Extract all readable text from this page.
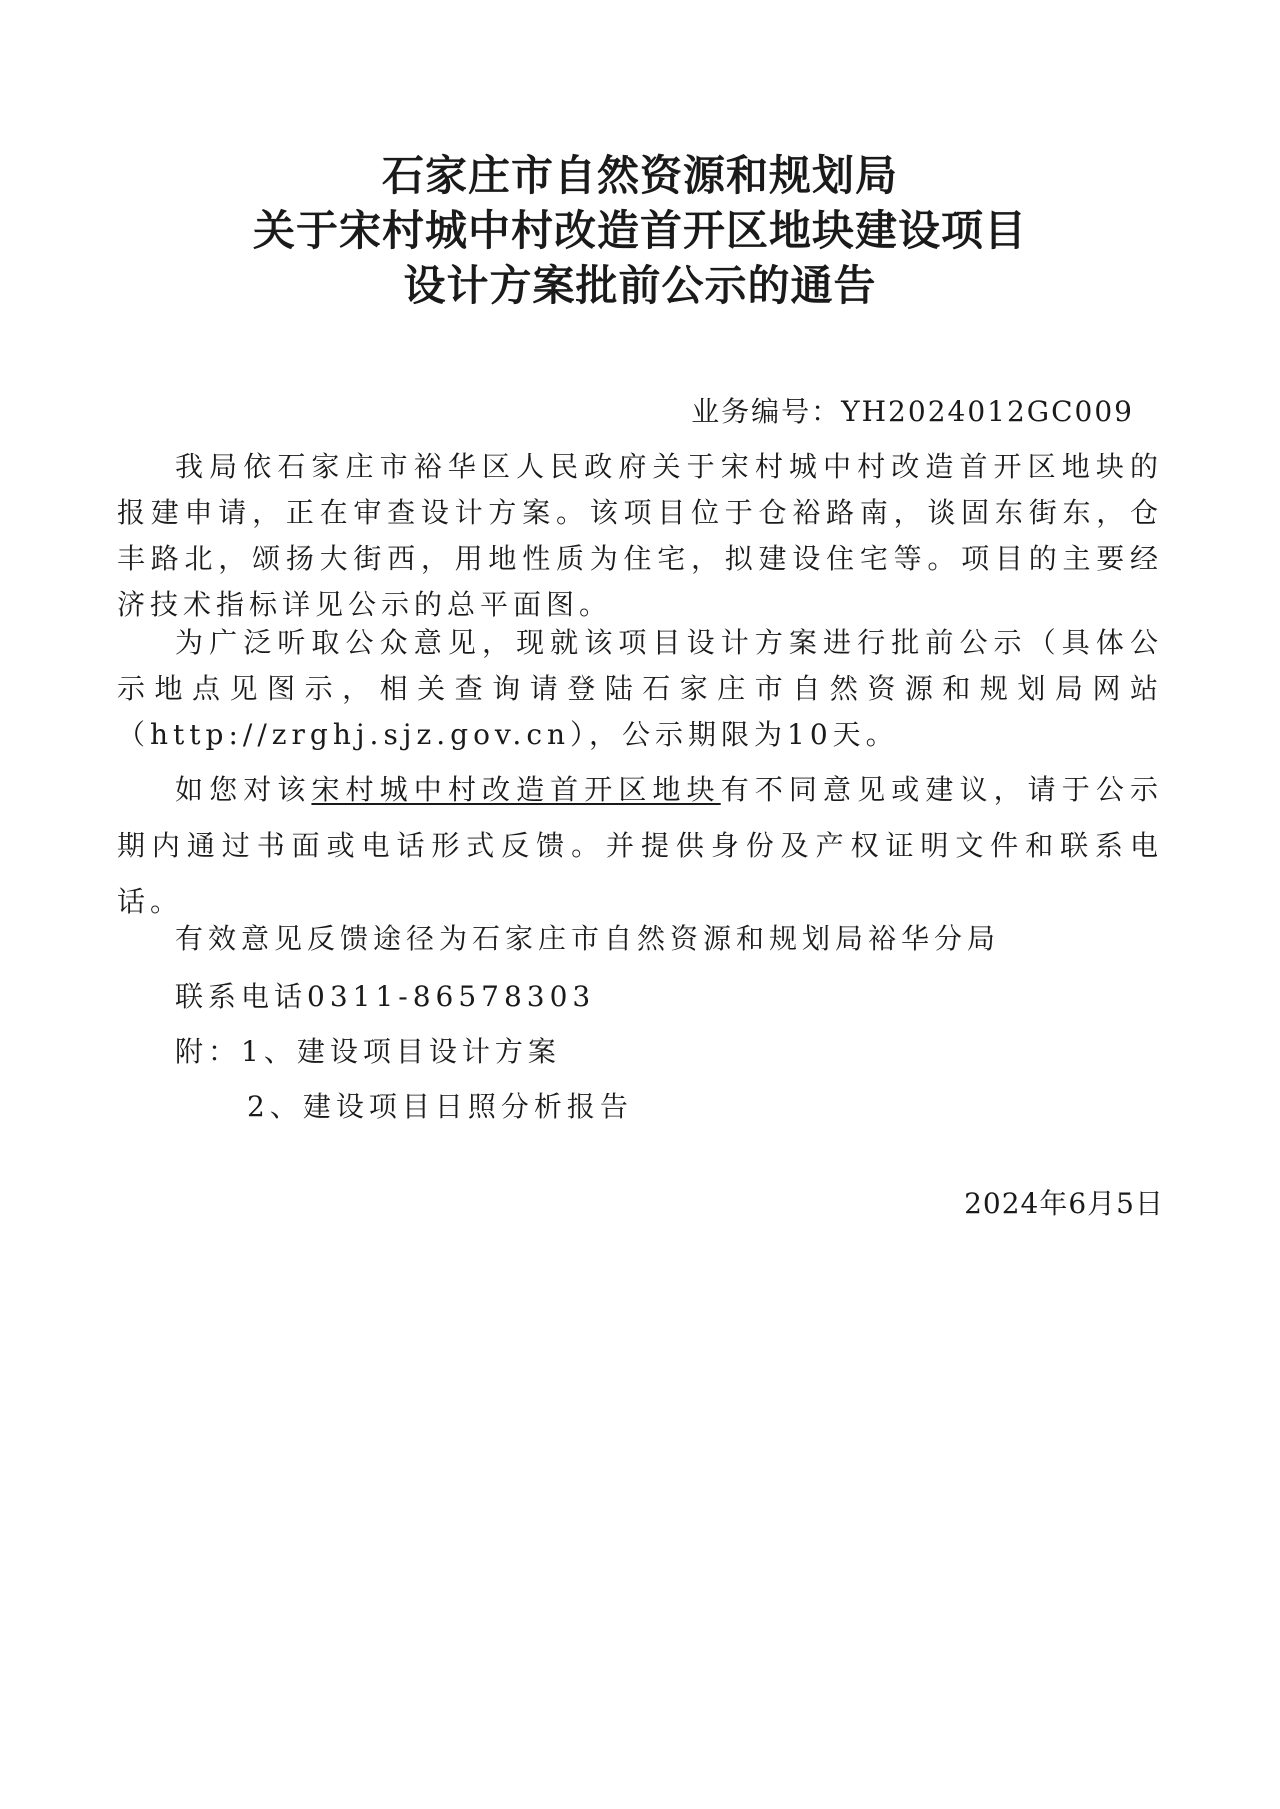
石家庄市自然资源和规划局
关于宋村城中村改造首开区地块建设项目
设计方案批前公示的通告
业务编号：YH2024012GC009

我局依石家庄市裕华区人民政府关于宋村城中村改造首开区地块的报建申请，正在审查设计方案。该项目位于仓裕路南，谈固东街东，仓丰路北，颂扬大街西，用地性质为住宅，拟建设住宅等。项目的主要经济技术指标详见公示的总平面图。

为广泛听取公众意见，现就该项目设计方案进行批前公示（具体公示地点见图示，相关查询请登陆石家庄市自然资源和规划局网站（http://zrghj.sjz.gov.cn），公示期限为10天。

如您对该宋村城中村改造首开区地块有不同意见或建议，请于公示期内通过书面或电话形式反馈。并提供身份及产权证明文件和联系电话。

有效意见反馈途径为石家庄市自然资源和规划局裕华分局
联系电话0311-86578303
附：1、建设项目设计方案
2、建设项目日照分析报告
2024年6月5日
